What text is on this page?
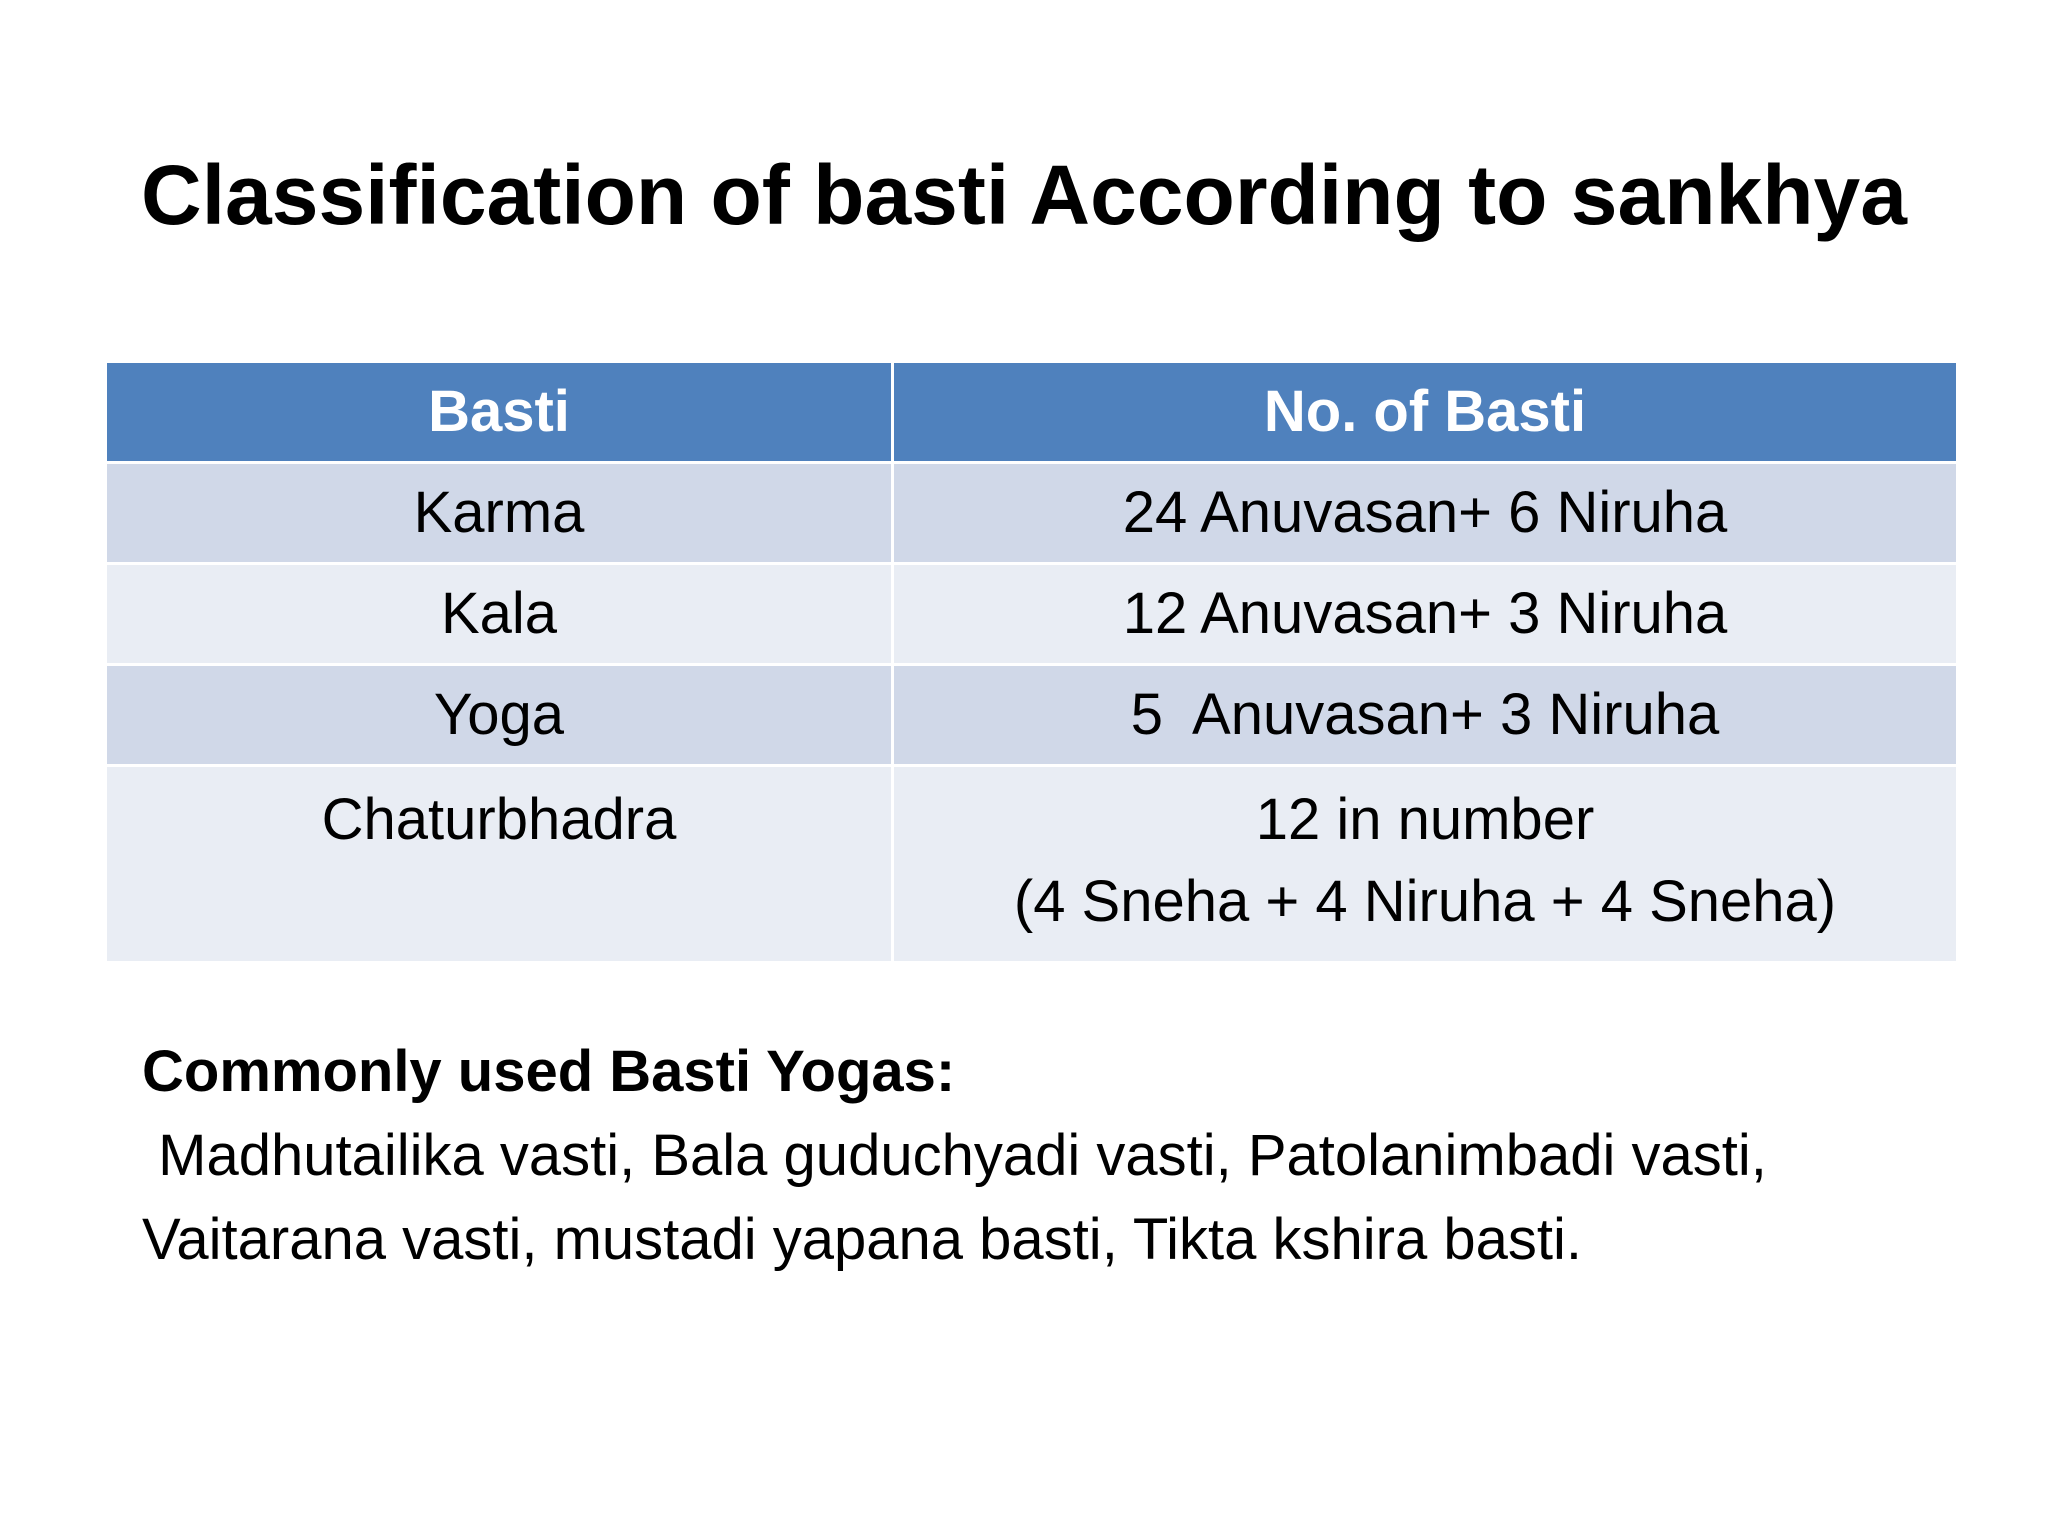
Classification of basti According to sankhya
Basti	No. of Basti
Karma	24 Anuvasan+ 6 Niruha

Kala	12 Anuvasan+ 3 Niruha

Yoga	5  Anuvasan+ 3 Niruha

Chaturbhadra	12 in number
(4 Sneha + 4 Niruha + 4 Sneha)
Commonly used Basti Yogas:
Madhutailika vasti, Bala guduchyadi vasti, Patolanimbadi vasti,
Vaitarana vasti, mustadi yapana basti, Tikta kshira basti.
